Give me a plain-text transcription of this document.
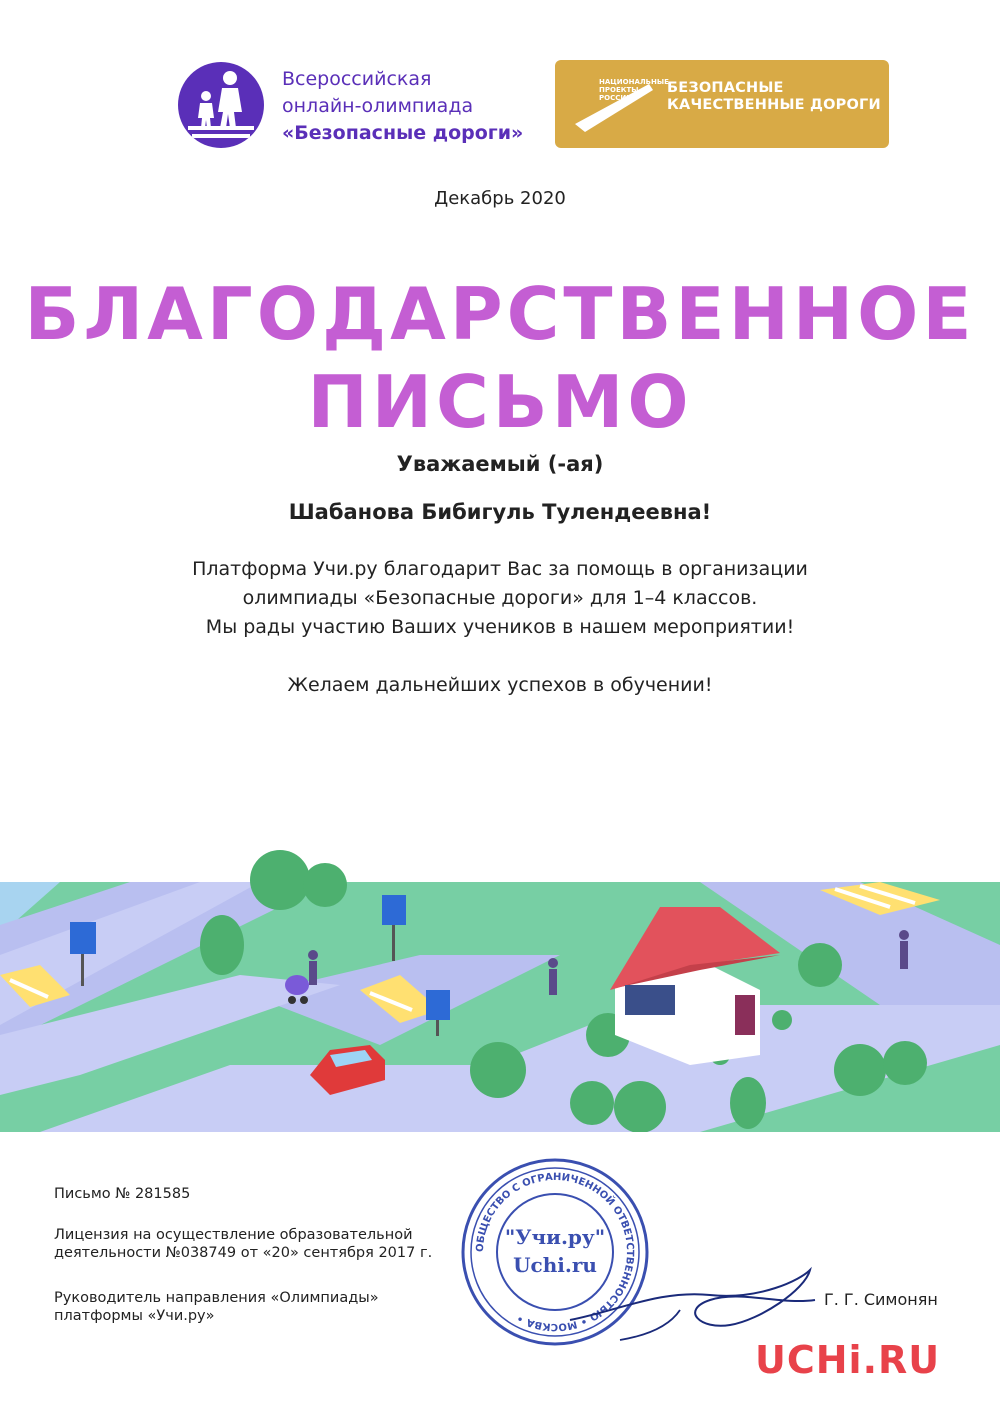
Всероссийская
онлайн-олимпиада
«Безопасные дороги»
НАЦИОНАЛЬНЫЕ ПРОЕКТЫ РОССИИ
БЕЗОПАСНЫЕ
КАЧЕСТВЕННЫЕ ДОРОГИ
Декабрь 2020
БЛАГОДАРСТВЕННОЕ
ПИСЬМО
Уважаемый (-ая)
Шабанова Бибигуль Тулендеевна!
Платформа Учи.ру благодарит Вас за помощь в организации
олимпиады «Безопасные дороги» для 1–4 классов.
Мы рады участию Ваших учеников в нашем мероприятии!
Желаем дальнейших успехов в обучении!
Письмо № 281585
Лицензия на осуществление образовательной
деятельности №038749 от «20» сентября 2017 г.
Руководитель направления «Олимпиады»
платформы «Учи.ру»
ОБЩЕСТВО С ОГРАНИЧЕННОЙ ОТВЕТСТВЕННОСТЬЮ • МОСКВА •
"Учи.ру"
Uchi.ru
Г. Г. Симонян
UCHi.RU
